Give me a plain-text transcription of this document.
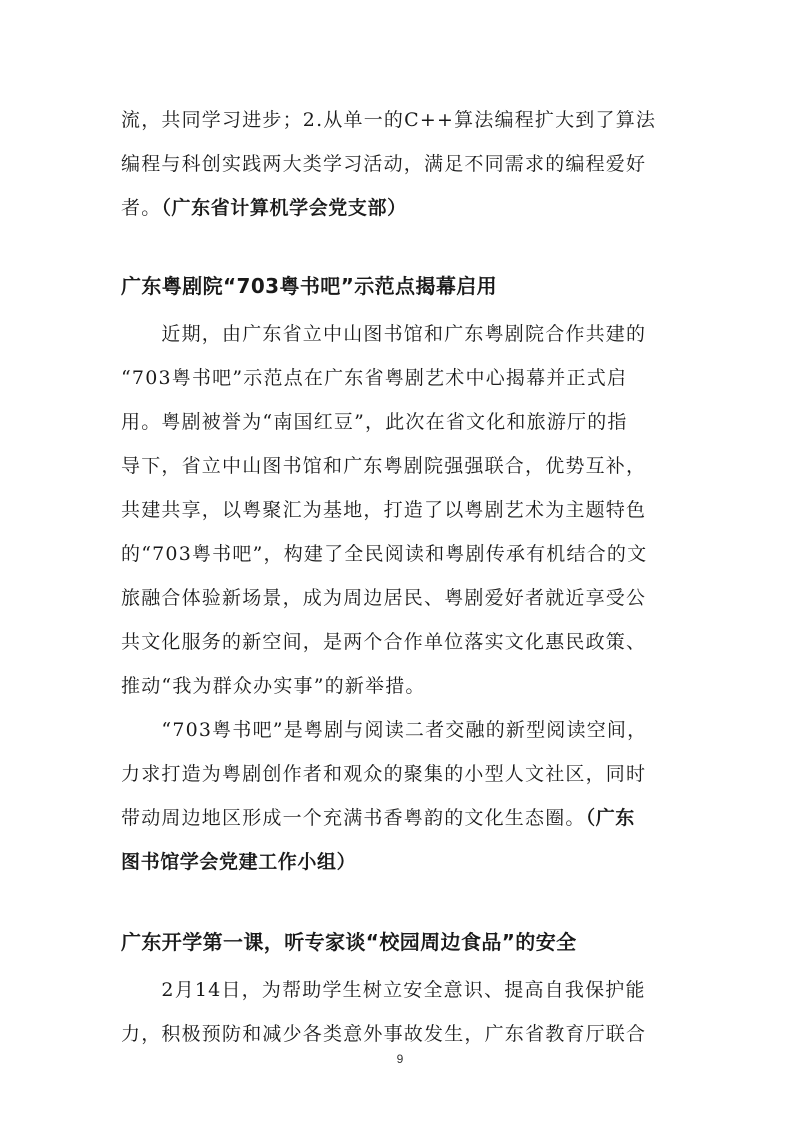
流，共同学习进步；2.从单一的C++算法编程扩大到了算法
编程与科创实践两大类学习活动，满足不同需求的编程爱好
者。（广东省计算机学会党支部）
广东粤剧院“703粤书吧”示范点揭幕启用
　　近期，由广东省立中山图书馆和广东粤剧院合作共建的
“703粤书吧”示范点在广东省粤剧艺术中心揭幕并正式启
用。粤剧被誉为“南国红豆”，此次在省文化和旅游厅的指
导下，省立中山图书馆和广东粤剧院强强联合，优势互补，
共建共享，以粤聚汇为基地，打造了以粤剧艺术为主题特色
的“703粤书吧”，构建了全民阅读和粤剧传承有机结合的文
旅融合体验新场景，成为周边居民、粤剧爱好者就近享受公
共文化服务的新空间，是两个合作单位落实文化惠民政策、
推动“我为群众办实事”的新举措。
　　“703粤书吧”是粤剧与阅读二者交融的新型阅读空间，
力求打造为粤剧创作者和观众的聚集的小型人文社区，同时
带动周边地区形成一个充满书香粤韵的文化生态圈。（广东
图书馆学会党建工作小组）
广东开学第一课，听专家谈“校园周边食品”的安全
　　2月14日，为帮助学生树立安全意识、提高自我保护能
力，积极预防和减少各类意外事故发生，广东省教育厅联合
9
